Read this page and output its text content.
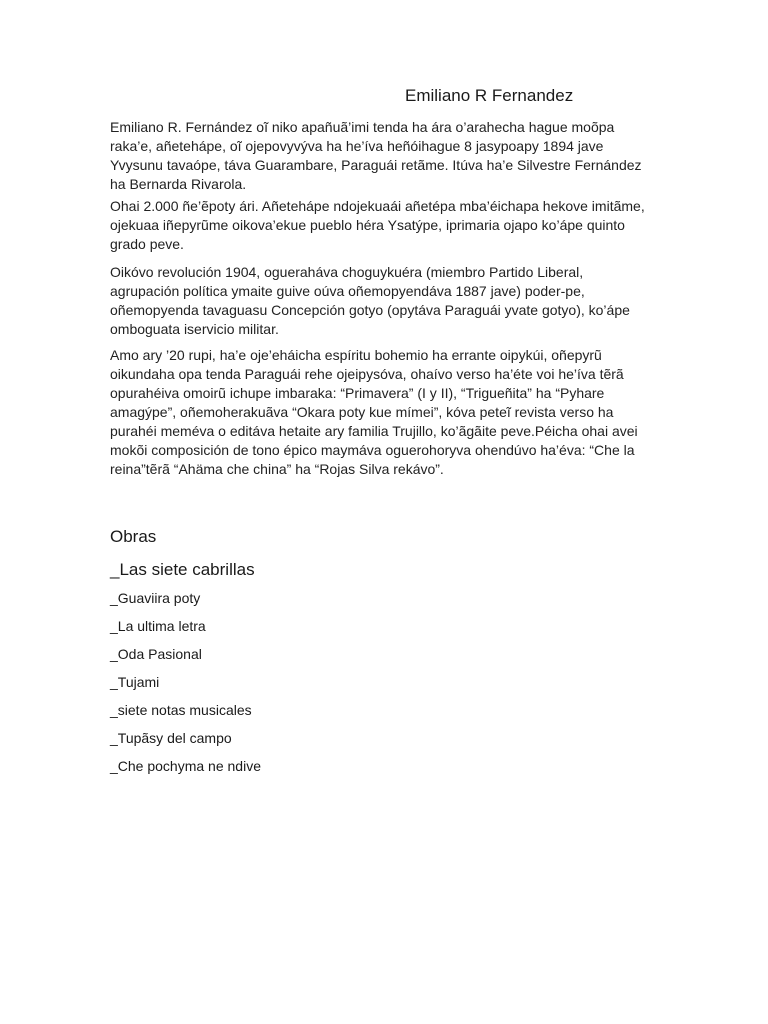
Emiliano R Fernandez

Emiliano R. Fernández oĩ niko apañuã’imi tenda ha ára o’arahecha hague moõpa raka’e, añeteháре, oĩ ojepovyvýva ha he’íva heñóihague 8 jasypoapy 1894 jave Yvysunu tavaópe, táva Guarambare, Paraguái retãme. Itúva ha’e Silvestre Fernández ha Bernarda Rivarola.

Ohai 2.000 ñe’ẽpoty ári. Añeteháре ndojekuaái añetépa mba’éichapa hekove imitãme, ojekuaa iñepyrũme oikova’ekue pueblo héra Ysatýpe, iprimaria ojapo ko’ápe quinto grado peve.

Oikóvo revolución 1904, ogueraháva choguykuéra (miembro Partido Liberal, agrupación política ymaite guive oúva oñemopyendáva 1887 jave) poder-pe, oñemopyenda tavaguasu Concepción gotyo (opytáva Paraguái yvate gotyo), ko’ápe omboguata iservicio militar.

Amo ary ’20 rupi, ha’e oje’eháicha espíritu bohemio ha errante oipykúi, oñepyrũ oikundaha opa tenda Paraguái rehe ojeipysóva, ohaívo verso ha’éte voi he’íva tẽrã opurahéiva omoirũ ichupe imbaraka: “Primavera” (I y II), “Trigueñita” ha “Pyhare amagýpe”, oñemoherakuãva “Okara poty kue mímei”, kóva peteĩ revista verso ha purahéi meméva o editáva hetaite ary familia Trujillo, ko’ãgãite peve.Péicha ohai avei mokõi composición de tono épico maymáva oguerohoryva ohendúvo ha’éva: “Che la reina”tẽrã “Ahäma che china” ha “Rojas Silva rekávo”.

Obras
_Las siete cabrillas
_Guaviira poty
_La ultima letra
_Oda Pasional
_Tujami
_siete notas musicales
_Tupãsy del campo
_Che pochyma ne ndive
